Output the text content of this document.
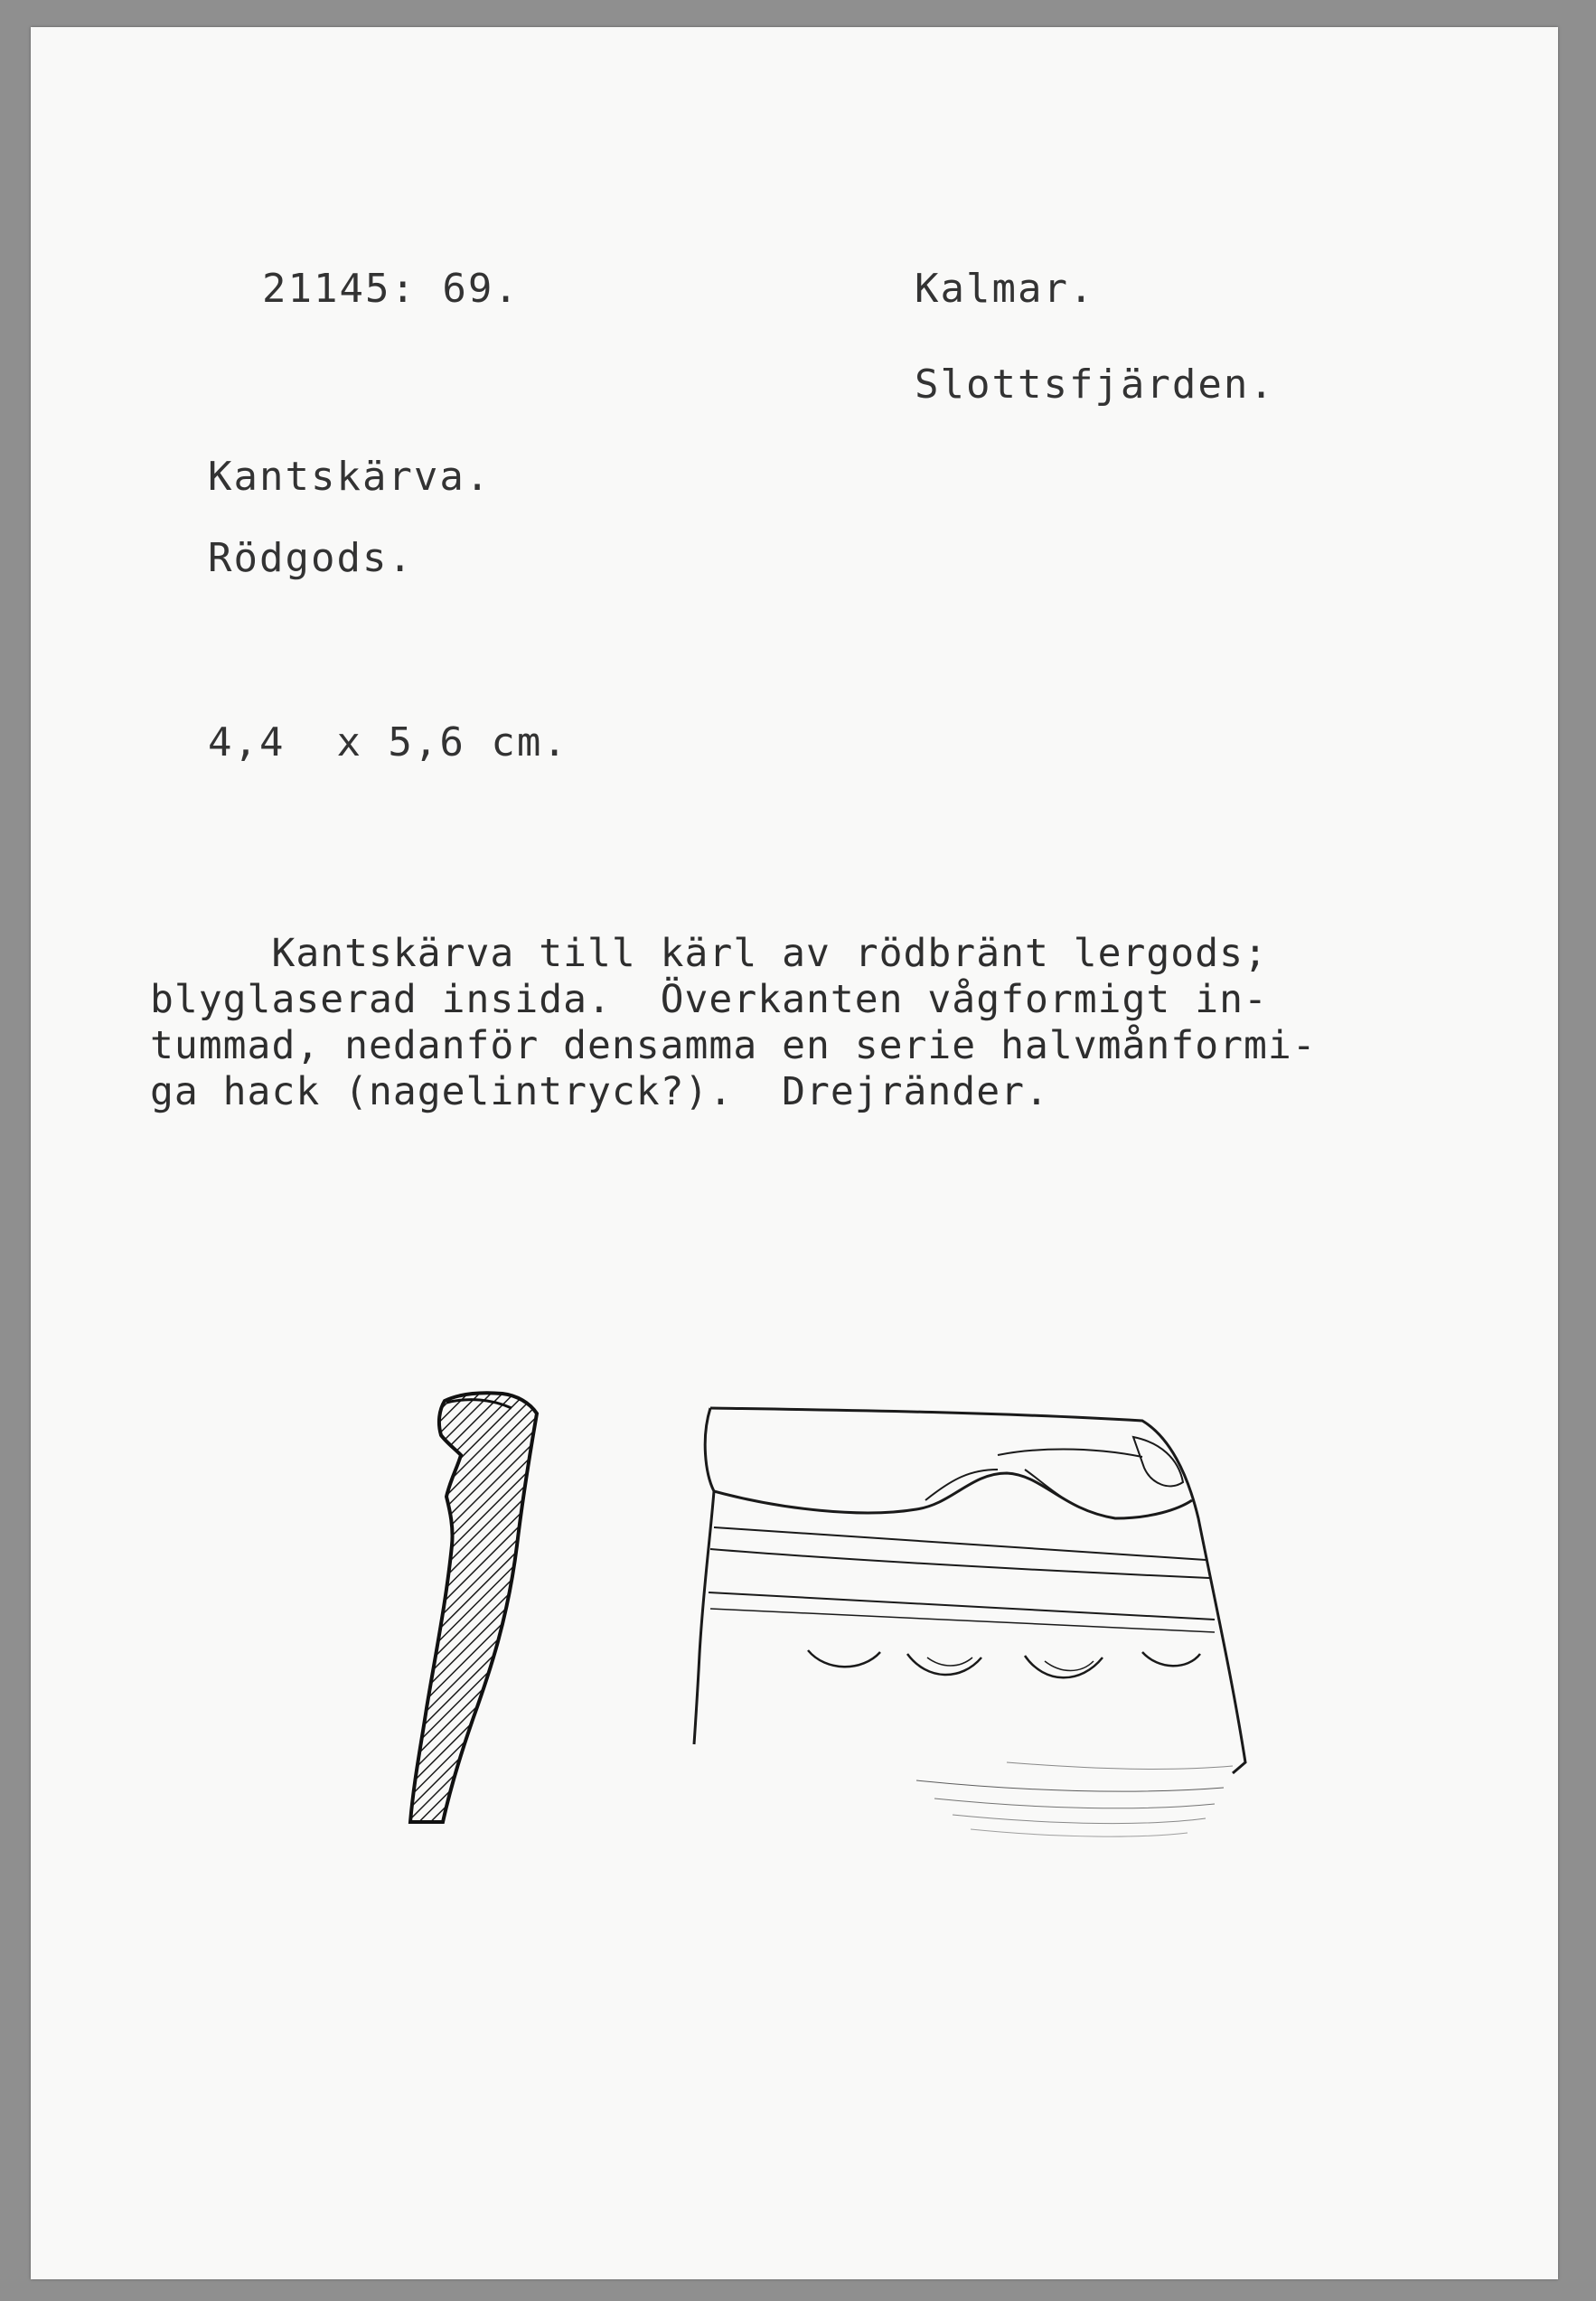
21145: 69.	Kalmar.
Slottsfjärden.
Kantskärva.
Rödgods.
4,4  x 5,6 cm.
Kantskärva till kärl av rödbränt lergods;
blyglaserad insida.  Överkanten vågformigt in-
tummad, nedanför densamma en serie halvmånformi-
ga hack (nagelintryck?).  Drejränder.
